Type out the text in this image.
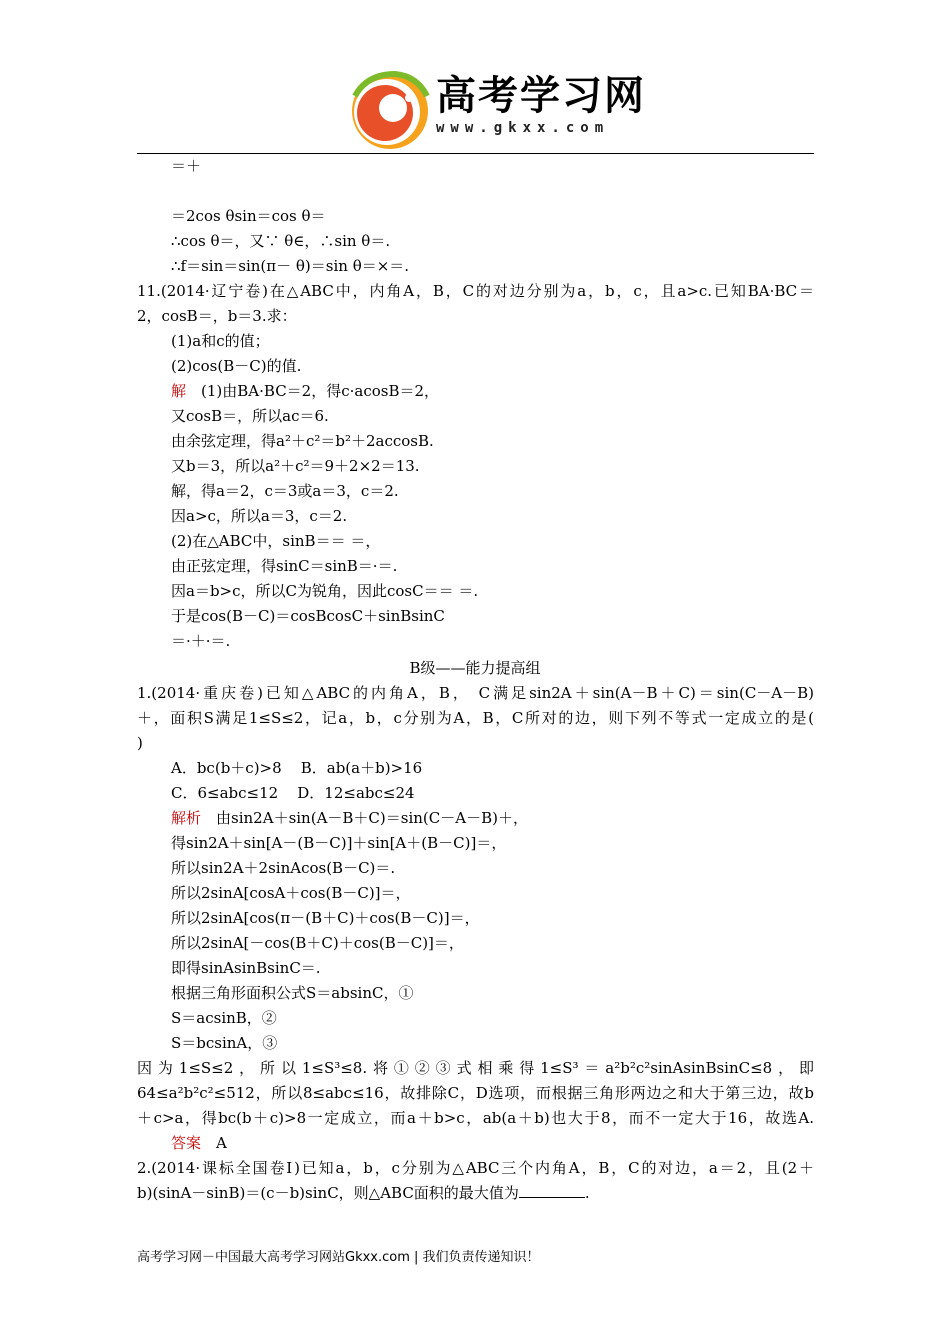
高考学习网
www.gkxx.com
＝＋
＝2cos θsin＝cos θ＝
∴cos θ＝，又∵ θ∈，∴sin θ＝.
∴f＝sin＝sin(π－ θ)＝sin θ＝×＝.
11.(2014·辽宁卷)在△ABC中，内角A，B，C的对边分别为a，b，c，且a>c.已知BA·BC＝
2，cosB＝，b＝3.求：
(1)a和c的值；
(2)cos(B－C)的值.
解　 (1)由BA·BC＝2，得c·acosB＝2，
又cosB＝，所以ac＝6.
由余弦定理，得a²＋c²＝b²＋2accosB.
又b＝3，所以a²＋c²＝9＋2×2＝13.
解，得a＝2，c＝3或a＝3，c＝2.
因a>c，所以a＝3，c＝2.
(2)在△ABC中，sinB＝＝ ＝，
由正弦定理，得sinC＝sinB＝·＝.
因a＝b>c，所以C为锐角，因此cosC＝＝ ＝.
于是cos(B－C)＝cosBcosC＋sinBsinC
＝·＋·＝.
B级——能力提高组
1.(2014·重庆卷)已知△ABC的内角A，B， C满足sin2A＋sin(A－B＋C)＝sin(C－A－B)
＋，面积S满足1≤S≤2，记a，b，c分别为A，B，C所对的边，则下列不等式一定成立的是(
)
A．bc(b＋c)>8    B．ab(a＋b)>16
C．6≤abc≤12    D．12≤abc≤24
解析　 由sin2A＋sin(A－B＋C)＝sin(C－A－B)＋，
得sin2A＋sin[A－(B－C)]＋sin[A＋(B－C)]＝，
所以sin2A＋2sinAcos(B－C)＝.
所以2sinA[cosA＋cos(B－C)]＝，
所以2sinA[cos(π－(B＋C)＋cos(B－C)]＝，
所以2sinA[－cos(B＋C)＋cos(B－C)]＝，
即得sinAsinBsinC＝.
根据三角形面积公式S＝absinC，①
S＝acsinB，②
S＝bcsinA，③
因为1≤S≤2，所以1≤S³≤8.将①②③式相乘得1≤S³＝a²b²c²sinAsinBsinC≤8，即
64≤a²b²c²≤512，所以8≤abc≤16，故排除C，D选项，而根据三角形两边之和大于第三边，故b
＋c>a，得bc(b＋c)>8一定成立，而a＋b>c，ab(a＋b)也大于8，而不一定大于16，故选A.
答案　 A
2.(2014·课标全国卷Ⅰ)已知a，b，c分别为△ABC三个内角A，B，C的对边，a＝2，且(2＋
b)(sinA－sinB)＝(c－b)sinC，则△ABC面积的最大值为	.
高考学习网－中国最大高考学习网站Gkxx.com | 我们负责传递知识！
